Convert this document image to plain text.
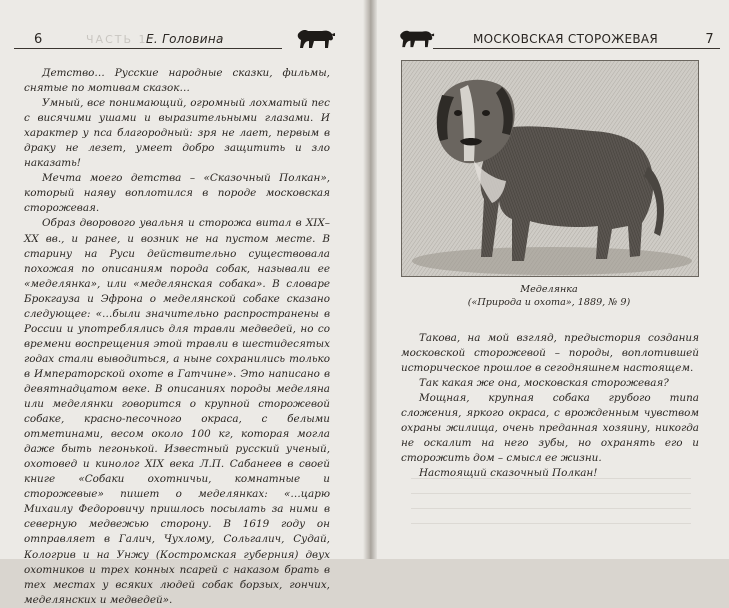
6	ЧАСТЬ 1
Е. Головина

Детство… Русские народные сказки, фильмы, снятые по мотивам сказок…

Умный, все понимающий, огромный лохматый пес с висячими ушами и выразительными глазами. И характер у пса благородный: зря не лает, первым в драку не лезет, умеет добро защитить и зло наказать!

Мечта моего детства – «Сказочный Полкан», который наяву воплотился в породе московская сторожевая.

Образ дворового увальня и сторожа витал в XIX–XX вв., и ранее, и возник не на пустом месте. В старину на Руси действительно существовала похожая по описаниям порода собак, называли ее «меделянка», или «меделянская собака». В словаре Брокгауза и Эфрона о меделянской собаке сказано следующее: «…были значительно распространены в России и употреблялись для травли медведей, но со времени воспрещения этой травли в шестидесятых годах стали выводиться, а ныне сохранились только в Императорской охоте в Гатчине». Это написано в девятнадцатом веке. В описаниях породы меделяна или меделянки говорится о крупной сторожевой собаке, красно-песочного окраса, с белыми отметинами, весом около 100 кг, которая могла даже быть пегонькой. Известный русский ученый, охотовед и кинолог XIX века Л.П. Сабанеев в своей книге «Собаки охотничьи, комнатные и сторожевые» пишет о меделянках: «…царю Михаилу Федоровичу пришлось посылать за ними в северную медвежью сторону. В 1619 году он отправляет в Галич, Чухлому, Сольгалич, Судай, Кологрив и на Унжу (Костромская губерния) двух охотников и трех конных псарей с наказом брать в тех местах у всяких людей собак борзых, гончих, меделянских и медведей».

МОСКОВСКАЯ СТОРОЖЕВАЯ	7
Меделянка
(«Природа и охота», 1889, № 9)

Такова, на мой взгляд, предыстория создания московской сторожевой – породы, воплотившей историческое прошлое в сегодняшнем настоящем.

Так какая же она, московская сторожевая?

Мощная, крупная собака грубого типа сложения, яркого окраса, с врожденным чувством охраны жилища, очень преданная хозяину, никогда не оскалит на него зубы, но охранять его и сторожить дом – смысл ее жизни.

Настоящий сказочный Полкан!
